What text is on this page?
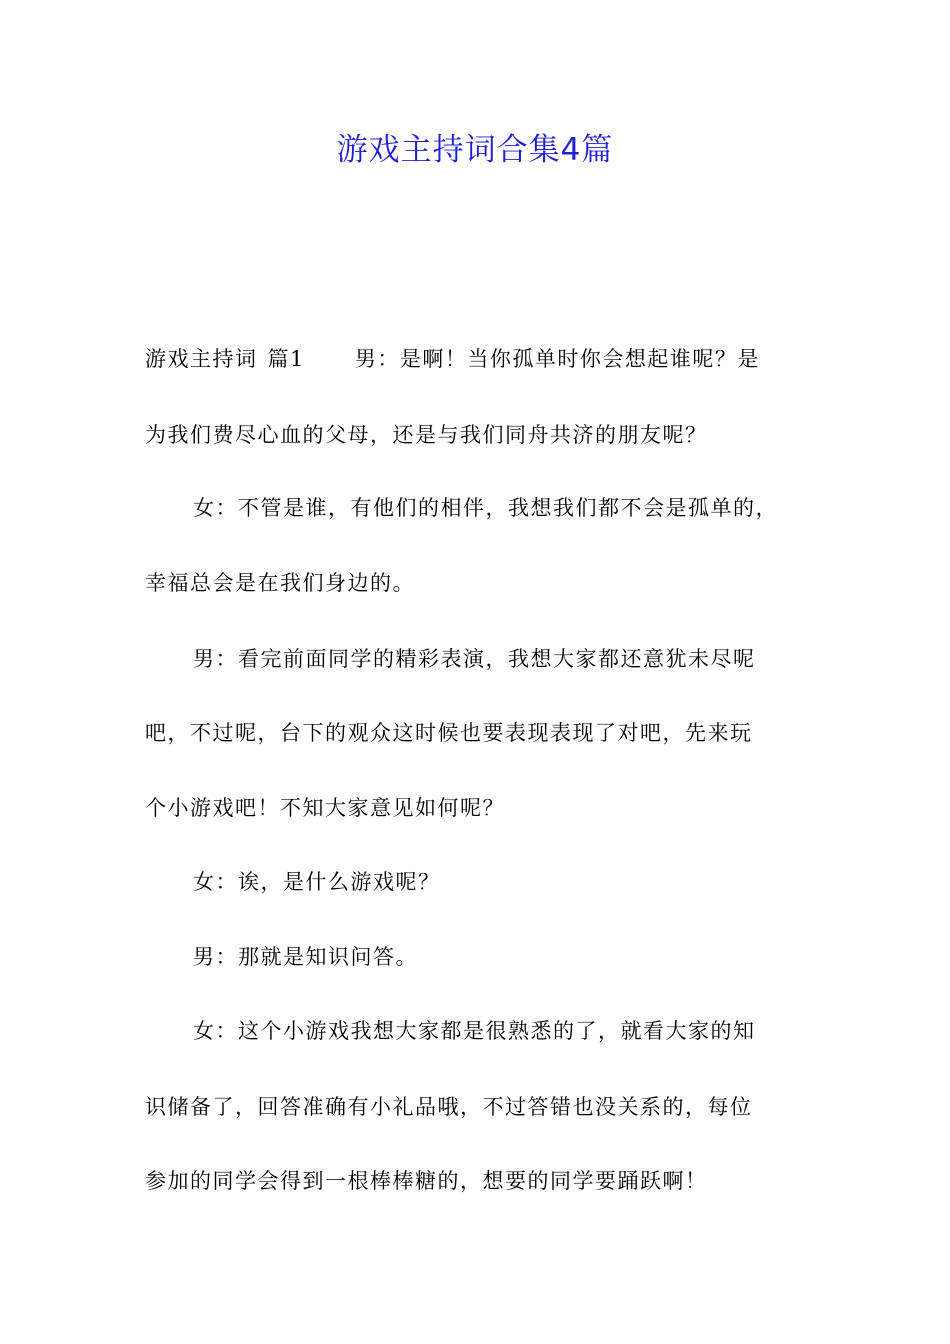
游戏主持词合集4篇
游戏主持词 篇1 男：是啊！当你孤单时你会想起谁呢？是
为我们费尽心血的父母，还是与我们同舟共济的朋友呢？
女：不管是谁，有他们的相伴，我想我们都不会是孤单的，
幸福总会是在我们身边的。
男：看完前面同学的精彩表演，我想大家都还意犹未尽呢
吧，不过呢，台下的观众这时候也要表现表现了对吧，先来玩
个小游戏吧！不知大家意见如何呢？
女：诶，是什么游戏呢？
男：那就是知识问答。
女：这个小游戏我想大家都是很熟悉的了，就看大家的知
识储备了，回答准确有小礼品哦，不过答错也没关系的，每位
参加的同学会得到一根棒棒糖的，想要的同学要踊跃啊！
